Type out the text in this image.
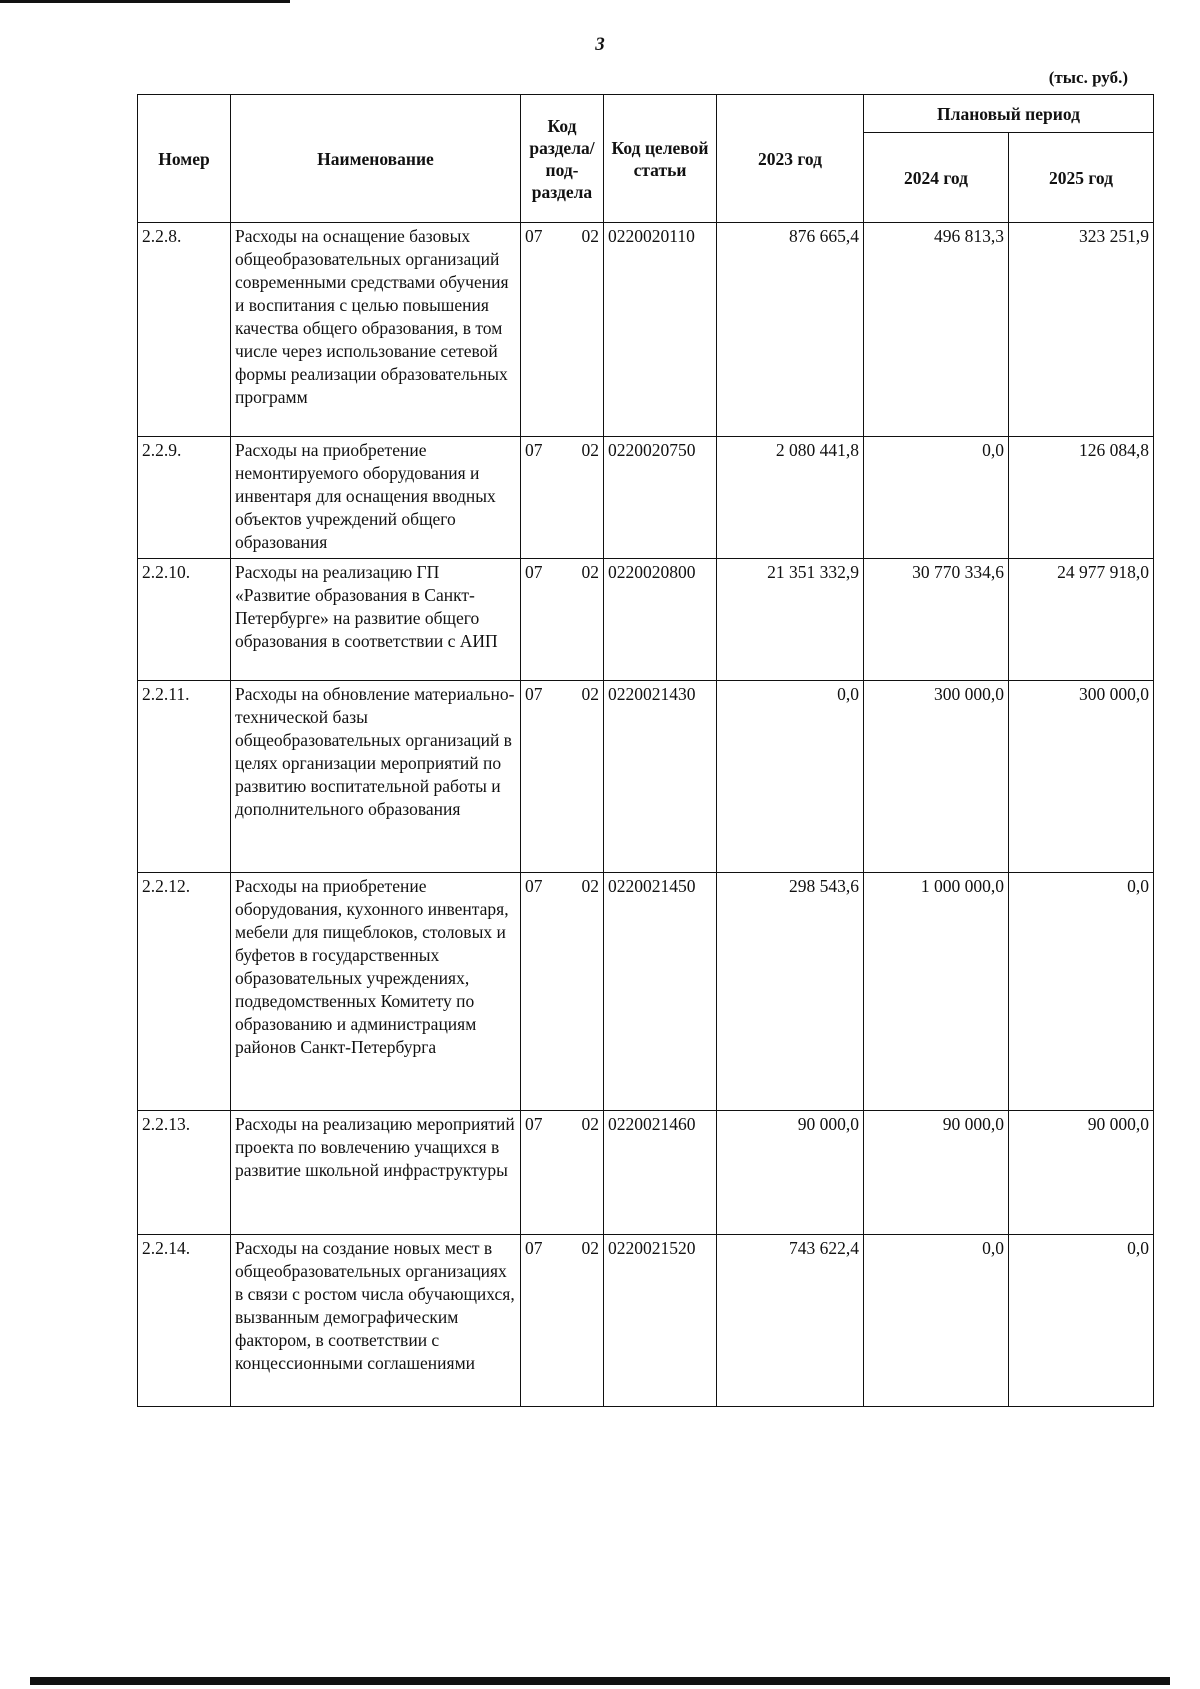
3
(тыс. руб.)
Номер	Наименование	Код раздела/ под- раздела	Код целевой статьи	2023 год	Плановый период	
					2024 год	2025 год
2.2.8.	Расходы на оснащение базовых общеобразовательных организаций современными средствами обучения и воспитания с целью повышения качества общего образования, в том числе через использование сетевой формы реализации образовательных программ	07 02	0220020110	876 665,4	496 813,3	323 251,9
2.2.9.	Расходы на приобретение немонтируемого оборудования и инвентаря для оснащения вводных объектов учреждений общего образования	07 02	0220020750	2 080 441,8	0,0	126 084,8
2.2.10.	Расходы на реализацию ГП «Развитие образования в Санкт-Петербурге» на развитие общего образования в соответствии с АИП	07 02	0220020800	21 351 332,9	30 770 334,6	24 977 918,0
2.2.11.	Расходы на обновление материально-технической базы общеобразовательных организаций в целях организации мероприятий по развитию воспитательной работы и дополнительного образования	07 02	0220021430	0,0	300 000,0	300 000,0
2.2.12.	Расходы на приобретение оборудования, кухонного инвентаря, мебели для пищеблоков, столовых и буфетов в государственных образовательных учреждениях, подведомственных Комитету по образованию и администрациям районов Санкт-Петербурга	07 02	0220021450	298 543,6	1 000 000,0	0,0
2.2.13.	Расходы на реализацию мероприятий проекта по вовлечению учащихся в развитие школьной инфраструктуры	07 02	0220021460	90 000,0	90 000,0	90 000,0
2.2.14.	Расходы на создание новых мест в общеобразовательных организациях в связи с ростом числа обучающихся, вызванным демографическим фактором, в соответствии с концессионными соглашениями	07 02	0220021520	743 622,4	0,0	0,0
